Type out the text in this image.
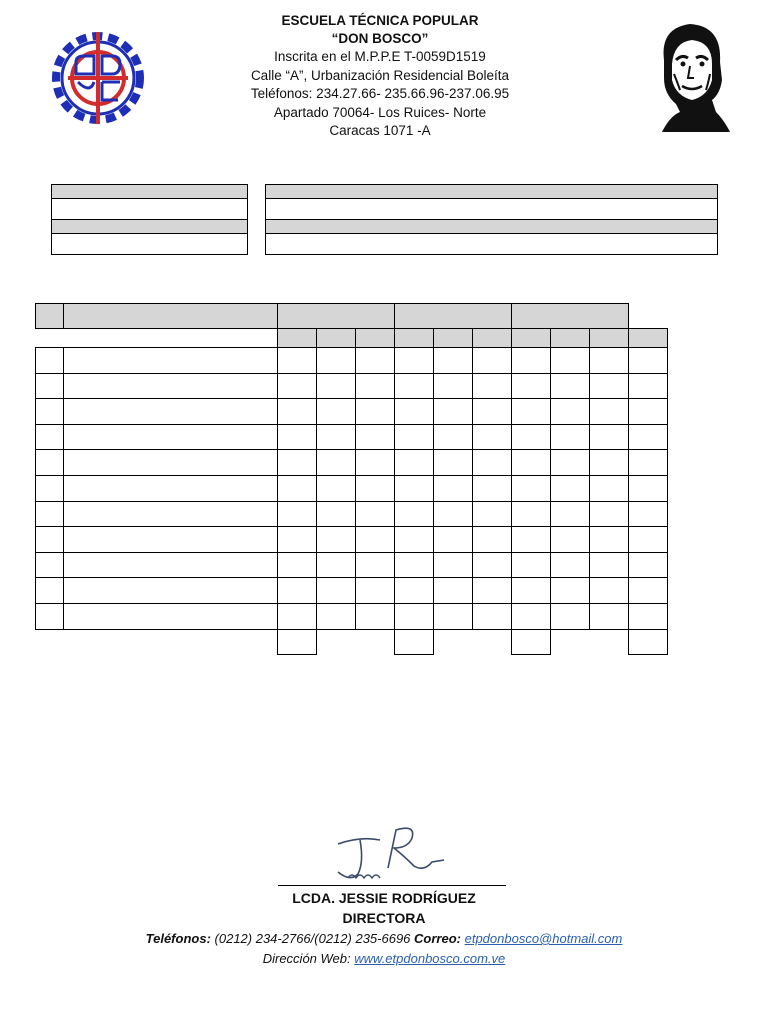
ESCUELA TÉCNICA POPULAR
“DON BOSCO”
Inscrita en el M.P.P.E T-0059D1519
Calle “A”, Urbanización Residencial Boleíta
Teléfonos: 234.27.66- 235.66.96-237.06.95
Apartado 70064- Los Ruices- Norte
Caracas 1071 -A

LCDA. JESSIE RODRÍGUEZ
DIRECTORA
Teléfonos: (0212) 234-2766/(0212) 235-6696 Correo: etpdonbosco@hotmail.com
Dirección Web: www.etpdonbosco.com.ve
